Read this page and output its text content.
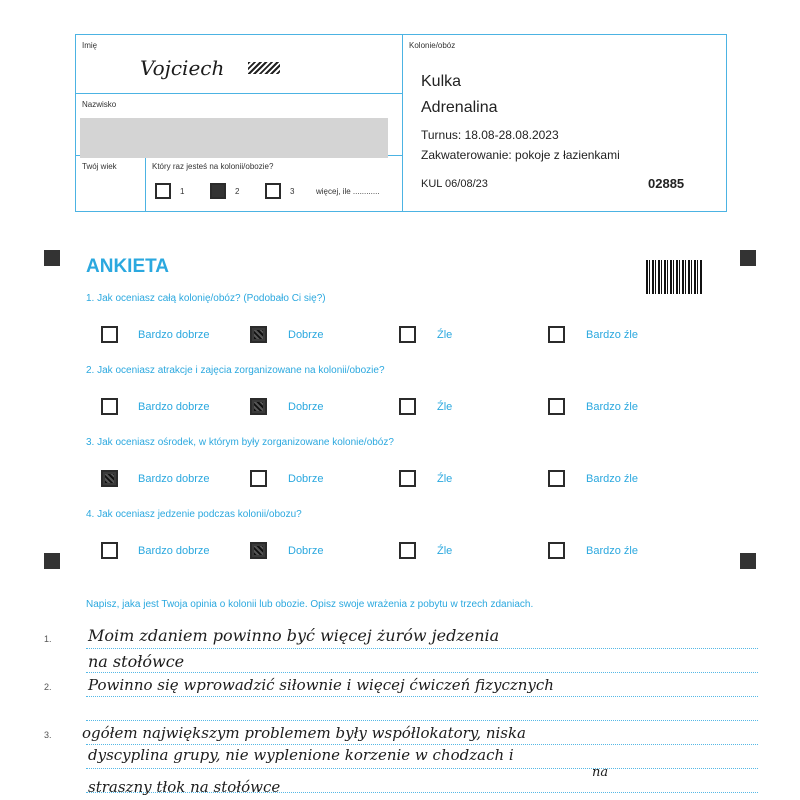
Imię
Vojciech
Nazwisko
Twój wiek	Który raz jesteś na kolonii/obozie?
1	2	3	więcej, ile ............
Kolonie/obóz
Kulka
Adrenalina
Turnus: 18.08-28.08.2023
Zakwaterowanie: pokoje z łazienkami
KUL 06/08/23	02885
ANKIETA
1. Jak oceniasz całą kolonię/obóz? (Podobało Ci się?)
2. Jak oceniasz atrakcje i zajęcia zorganizowane na kolonii/obozie?
3. Jak oceniasz ośrodek, w którym były zorganizowane kolonie/obóz?
4. Jak oceniasz jedzenie podczas kolonii/obozu?
Bardzo dobrze	Dobrze	Źle	Bardzo źle
Bardzo dobrze	Dobrze	Źle	Bardzo źle
Bardzo dobrze	Dobrze	Źle	Bardzo źle
Bardzo dobrze	Dobrze	Źle	Bardzo źle
Napisz, jaka jest Twoja opinia o kolonii lub obozie. Opisz swoje wrażenia z pobytu w trzech zdaniach.
1.
2.
3.
Moim zdaniem powinno być więcej żurów jedzenia
na stołówce
Powinno się wprowadzić siłownie i więcej ćwiczeń fizycznych
ogółem największym problemem były współlokatory, niska
dyscyplina grupy, nie wyplenione korzenie w chodzach i
na
straszny tłok na stołówce
